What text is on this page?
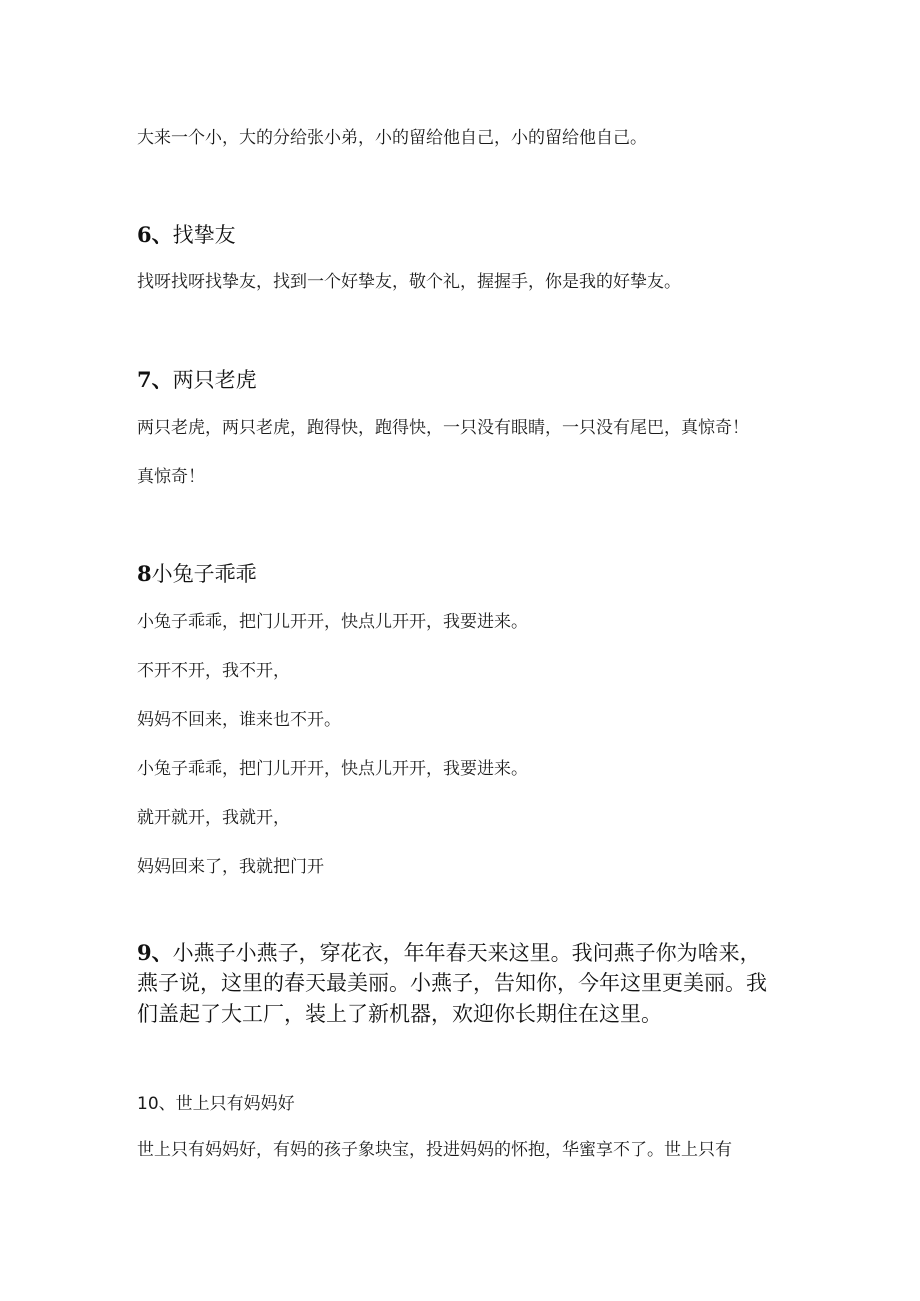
大来一个小，大的分给张小弟，小的留给他自己，小的留给他自己。
6、找挚友
找呀找呀找挚友，找到一个好挚友，敬个礼，握握手，你是我的好挚友。
7、两只老虎
两只老虎，两只老虎，跑得快，跑得快，一只没有眼睛，一只没有尾巴，真惊奇！
真惊奇！
8小兔子乖乖
小兔子乖乖，把门儿开开，快点儿开开，我要进来。
不开不开，我不开，
妈妈不回来，谁来也不开。
小兔子乖乖，把门儿开开，快点儿开开，我要进来。
就开就开，我就开，
妈妈回来了，我就把门开
9、小燕子小燕子，穿花衣，年年春天来这里。我问燕子你为啥来，
燕子说，这里的春天最美丽。小燕子，告知你，今年这里更美丽。我
们盖起了大工厂，装上了新机器，欢迎你长期住在这里。
10、世上只有妈妈好
世上只有妈妈好，有妈的孩子象块宝，投进妈妈的怀抱，华蜜享不了。世上只有
